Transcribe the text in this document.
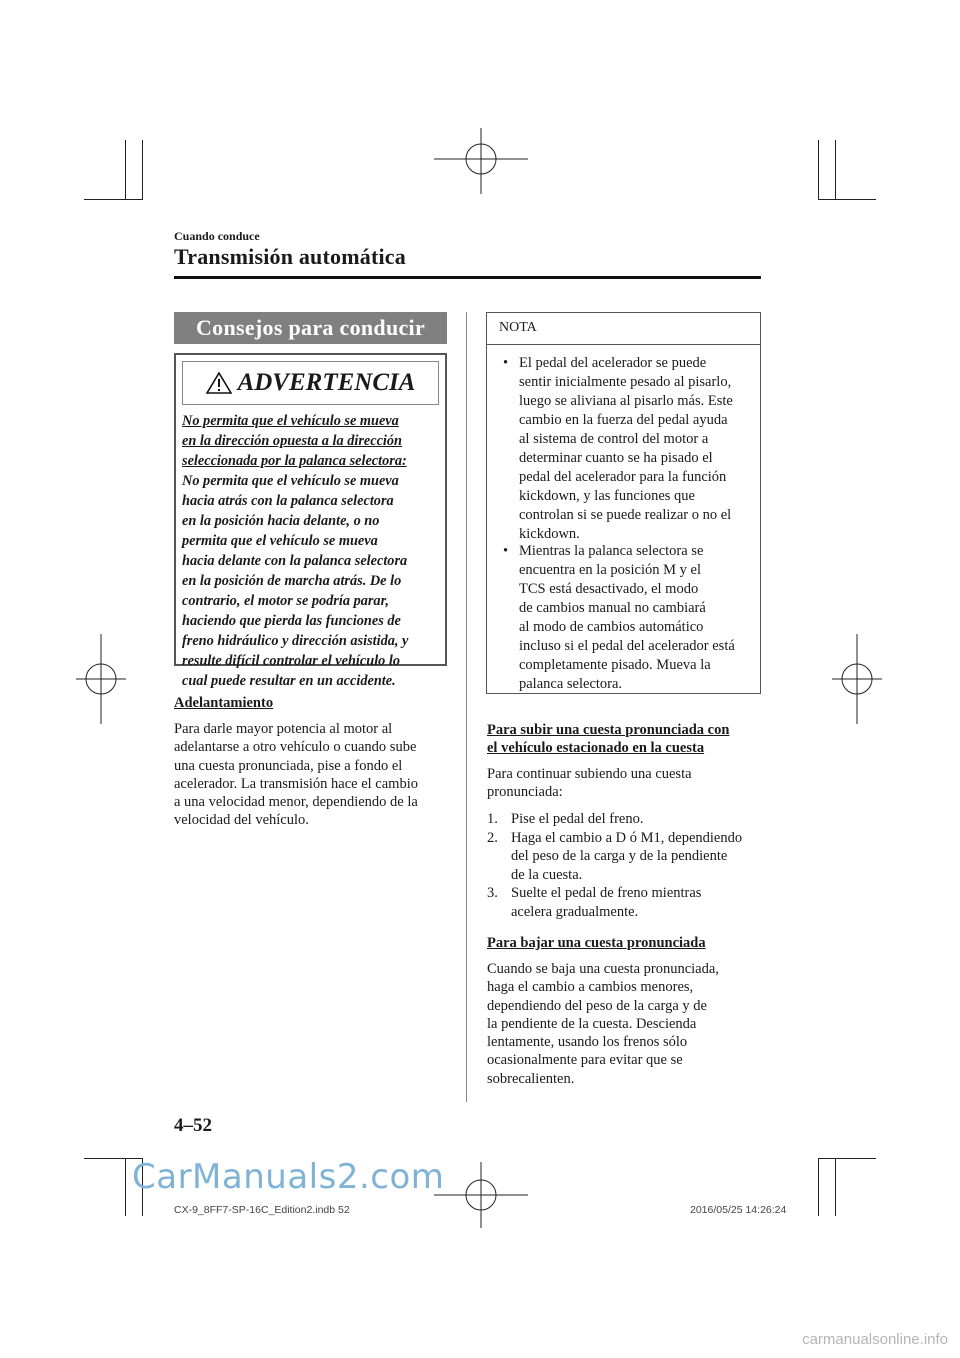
Cuando conduce
Transmisión automática
Consejos para conducir
ADVERTENCIA
No permita que el vehículo se mueva
en la dirección opuesta a la dirección
seleccionada por la palanca selectora:
No permita que el vehículo se mueva
hacia atrás con la palanca selectora
en la posición hacia delante, o no
permita que el vehículo se mueva
hacia delante con la palanca selectora
en la posición de marcha atrás. De lo
contrario, el motor se podría parar,
haciendo que pierda las funciones de
freno hidráulico y dirección asistida, y
resulte difícil controlar el vehículo lo
cual puede resultar en un accidente.
Adelantamiento
Para darle mayor potencia al motor al
adelantarse a otro vehículo o cuando sube
una cuesta pronunciada, pise a fondo el
acelerador. La transmisión hace el cambio
a una velocidad menor, dependiendo de la
velocidad del vehículo.
NOTA
• El pedal del acelerador se puede
sentir inicialmente pesado al pisarlo,
luego se aliviana al pisarlo más. Este
cambio en la fuerza del pedal ayuda
al sistema de control del motor a
determinar cuanto se ha pisado el
pedal del acelerador para la función
kickdown, y las funciones que
controlan si se puede realizar o no el
kickdown.
• Mientras la palanca selectora se
encuentra en la posición M y el
TCS está desactivado, el modo
de cambios manual no cambiará
al modo de cambios automático
incluso si el pedal del acelerador está
completamente pisado. Mueva la
palanca selectora.
Para subir una cuesta pronunciada con
el vehículo estacionado en la cuesta
Para continuar subiendo una cuesta
pronunciada:
1. Pise el pedal del freno.
2. Haga el cambio a D ó M1, dependiendo
del peso de la carga y de la pendiente
de la cuesta.
3. Suelte el pedal de freno mientras
acelera gradualmente.
Para bajar una cuesta pronunciada
Cuando se baja una cuesta pronunciada,
haga el cambio a cambios menores,
dependiendo del peso de la carga y de
la pendiente de la cuesta. Descienda
lentamente, usando los frenos sólo
ocasionalmente para evitar que se
sobrecalienten.
4–52
CarManuals2.com
CX-9_8FF7-SP-16C_Edition2.indb 52	2016/05/25 14:26:24
carmanualsonline.info
